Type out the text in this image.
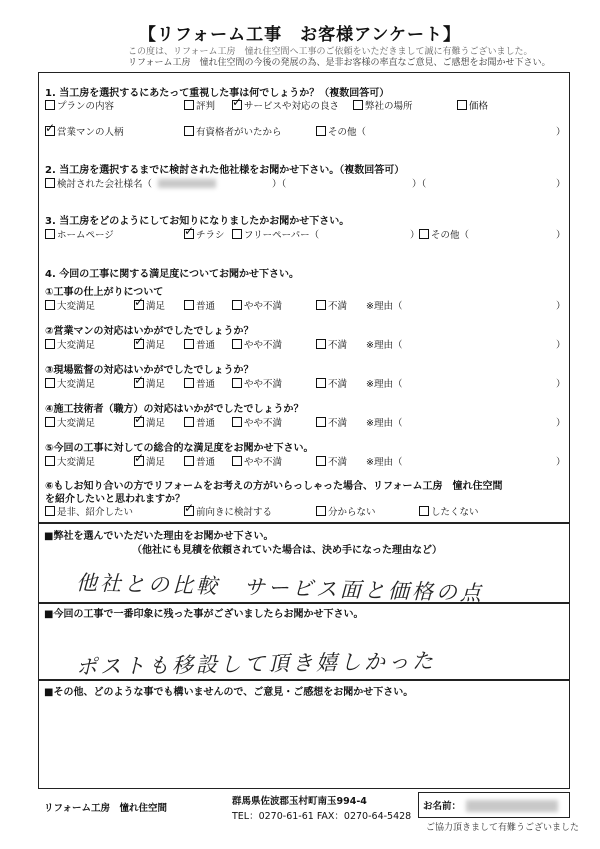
【リフォーム工事　お客様アンケート】
この度は、リフォーム工房　憧れ住空間へ工事のご依頼をいただきまして誠に有難うございました。
リフォーム工房　憧れ住空間の今後の発展の為、是非お客様の率直なご意見、ご感想をお聞かせ下さい。
1. 当工房を選択するにあたって重視した事は何でしょうか？（複数回答可）
プランの内容	評判 ✓	サービスや対応の良さ	弊社の場所	価格
✓
営業マンの人柄	有資格者がいたから	その他（	）
2. 当工房を選択するまでに検討された他社様をお聞かせ下さい。（複数回答可）
検討された会社様名（	）（	）（	）
3. 当工房をどのようにしてお知りになりましたかお聞かせ下さい。
ホームページ ✓	チラシ フリーペーパー（	） その他（	）
4. 今回の工事に関する満足度についてお聞かせ下さい。
①工事の仕上がりについて
大変満足 ✓	満足	普通	やや不満	不満 ※理由（	）
②営業マンの対応はいかがでしたでしょうか？
大変満足 ✓	満足	普通	やや不満	不満 ※理由（	）
③現場監督の対応はいかがでしたでしょうか？
大変満足 ✓	満足	普通	やや不満	不満 ※理由（	）
④施工技術者（職方）の対応はいかがでしたでしょうか？
大変満足 ✓	満足	普通	やや不満	不満 ※理由（	）
⑤今回の工事に対しての総合的な満足度をお聞かせ下さい。
大変満足 ✓	満足	普通	やや不満	不満 ※理由（	）
⑥もしお知り合いの方でリフォームをお考えの方がいらっしゃった場合、リフォーム工房　憧れ住空間
を紹介したいと思われますか？
是非、紹介したい ✓	前向きに検討する	分からない	したくない
■弊社を選んでいただいた理由をお聞かせ下さい。
（他社にも見積を依頼されていた場合は、決め手になった理由など）
他社との比較　サービス面と価格の点
■今回の工事で一番印象に残った事がございましたらお聞かせ下さい。
ポストも移設して頂き嬉しかった
■その他、どのような事でも構いませんので、ご意見・ご感想をお聞かせ下さい。
リフォーム工房　憧れ住空間
群馬県佐波郡玉村町南玉994-4
TEL：0270-61-61 FAX：0270-64-5428
お名前：
ご協力頂きまして有難うございました
